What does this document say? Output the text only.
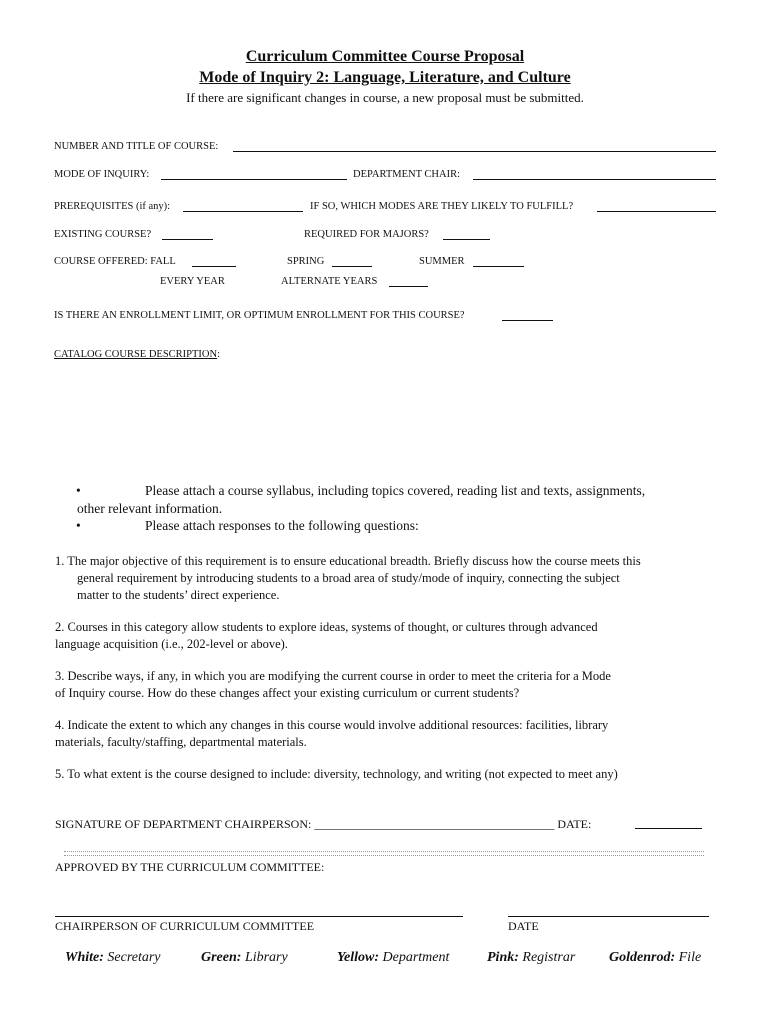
Curriculum Committee Course Proposal
Mode of Inquiry 2: Language, Literature, and Culture
If there are significant changes in course, a new proposal must be submitted.
NUMBER AND TITLE OF COURSE:
MODE OF INQUIRY:	DEPARTMENT CHAIR:
PREREQUISITES (if any):	IF SO, WHICH MODES ARE THEY LIKELY TO FULFILL?
EXISTING COURSE?	REQUIRED FOR MAJORS?
COURSE OFFERED: FALL	SPRING	SUMMER
EVERY YEAR	ALTERNATE YEARS
IS THERE AN ENROLLMENT LIMIT, OR OPTIMUM ENROLLMENT FOR THIS COURSE?
CATALOG COURSE DESCRIPTION:
•	Please attach a course syllabus, including topics covered, reading list and texts, assignments,
other relevant information.
•	Please attach responses to the following questions:
1. The major objective of this requirement is to ensure educational breadth. Briefly discuss how the course meets this
general requirement by introducing students to a broad area of study/mode of inquiry, connecting the subject
matter to the students’ direct experience.
2. Courses in this category allow students to explore ideas, systems of thought, or cultures through advanced
language acquisition (i.e., 202-level or above).
3. Describe ways, if any, in which you are modifying the current course in order to meet the criteria for a Mode
of Inquiry course. How do these changes affect your existing curriculum or current students?
4. Indicate the extent to which any changes in this course would involve additional resources: facilities, library
materials, faculty/staffing, departmental materials.
5. To what extent is the course designed to include: diversity, technology, and writing (not expected to meet any)
SIGNATURE OF DEPARTMENT CHAIRPERSON: ________________________________________ DATE:
APPROVED BY THE CURRICULUM COMMITTEE:
CHAIRPERSON OF CURRICULUM COMMITTEE	DATE
White: Secretary	Green: Library	Yellow: Department	Pink: Registrar Goldenrod: File
